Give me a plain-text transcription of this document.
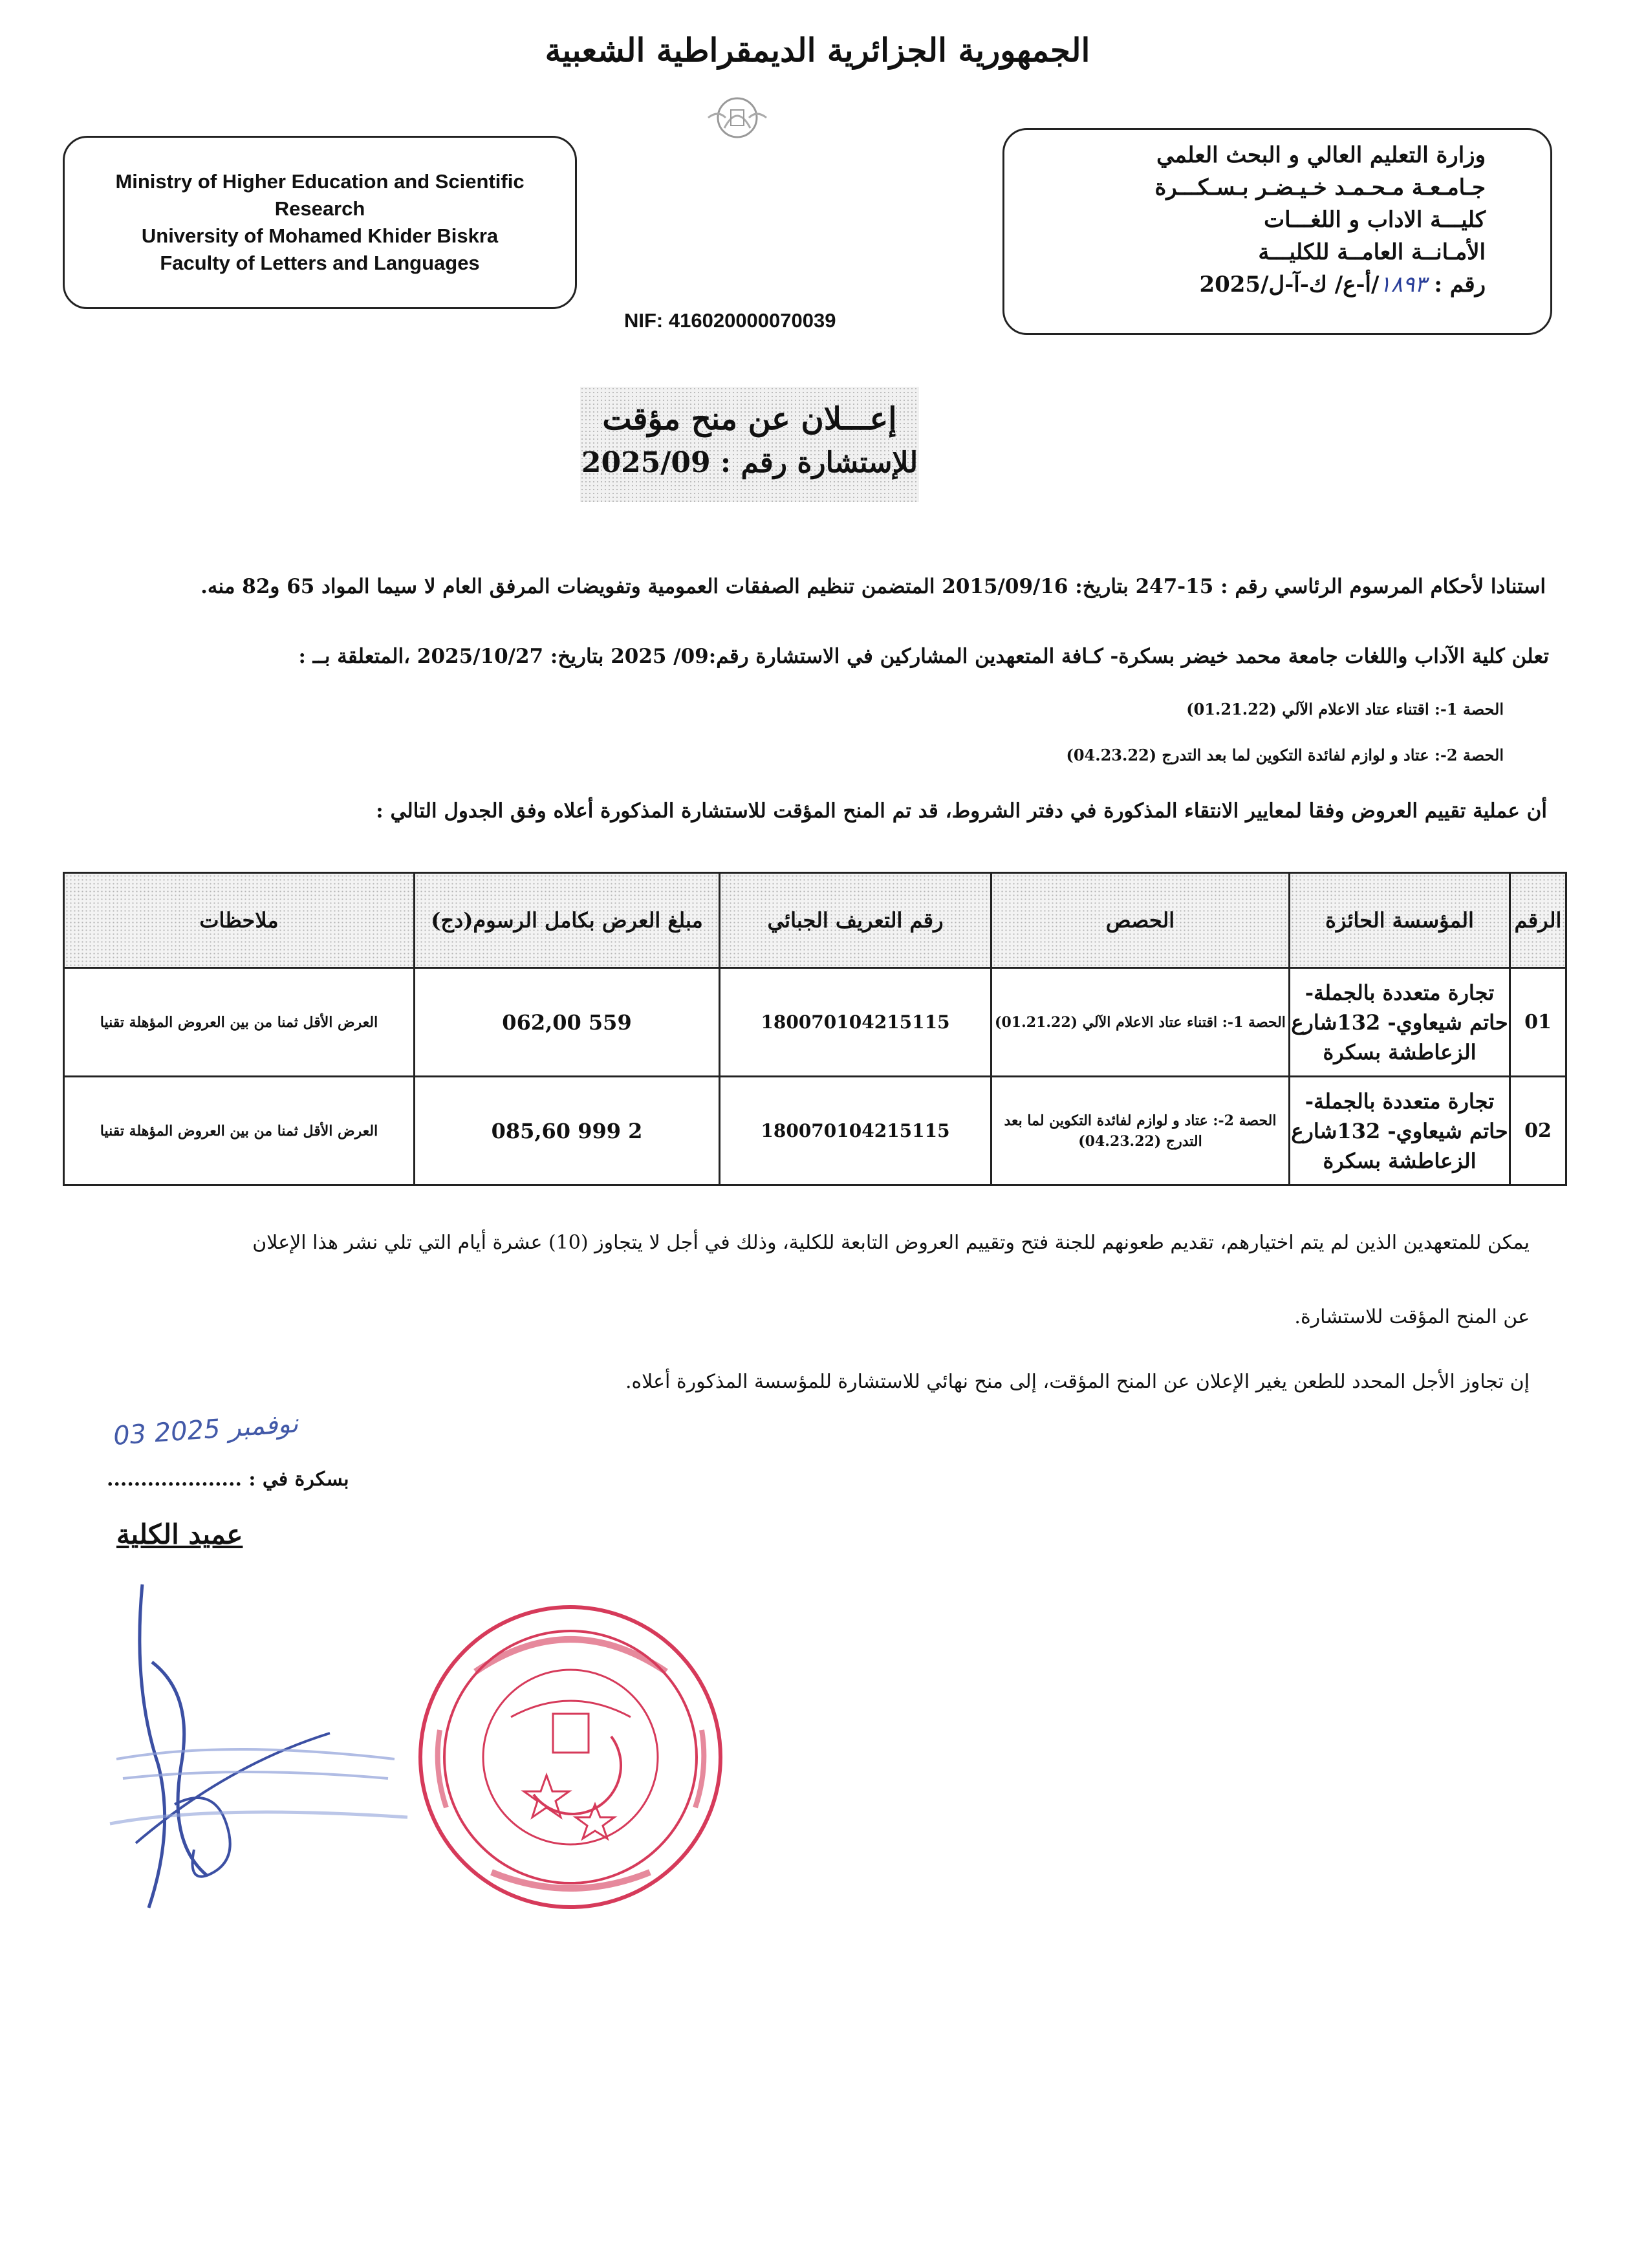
الجمهورية الجزائرية الديمقراطية الشعبية
Ministry of Higher Education and Scientific
Research
University of Mohamed Khider Biskra
Faculty of Letters and Languages
وزارة التعليم العالي و البحث العلمي
جـامـعـة مـحـمـد خـيـضـر بـسـكـــرة
كليـــة الاداب و اللغـــات
الأمـانــة العامــة للكليـــة
رقم : ١٨٩٣/أ-ع/ ك-آ-ل/2025
NIF: 416020000070039
إعـــلان عن منح مؤقت
للإستشارة رقم : 2025/09
استنادا لأحكام المرسوم الرئاسي رقم : 15-247 بتاريخ: 2015/09/16 المتضمن تنظيم الصفقات العمومية وتفويضات المرفق العام لا سيما المواد 65 و82 منه.
تعلن كلية الآداب واللغات جامعة محمد خيضر بسكرة- كـافة المتعهدين المشاركين في الاستشارة رقم:09/ 2025 بتاريخ: 2025/10/27 ،المتعلقة بــ :
الحصة 1-: اقتناء عتاد الاعلام الآلي (01.21.22)
الحصة 2-: عتاد و لوازم لفائدة التكوين لما بعد التدرج (04.23.22)
أن عملية تقييم العروض وفقا لمعايير الانتقاء المذكورة في دفتر الشروط، قد تم المنح المؤقت للاستشارة المذكورة أعلاه وفق الجدول التالي :
الرقم	المؤسسة الحائزة	الحصص	رقم التعريف الجبائي	مبلغ العرض بكامل الرسوم(دج)	ملاحظات
01	تجارة متعددة بالجملة- حاتم شيعاوي- 132شارع الزعاطشة بسكرة	الحصة 1-: اقتناء عتاد الاعلام الآلي (01.21.22)	180070104215115	559 062,00	العرض الأقل ثمنا من بين العروض المؤهلة تقنيا
02	تجارة متعددة بالجملة- حاتم شيعاوي- 132شارع الزعاطشة بسكرة	الحصة 2-: عتاد و لوازم لفائدة التكوين لما بعد التدرج (04.23.22)	180070104215115	2 999 085,60	العرض الأقل ثمنا من بين العروض المؤهلة تقنيا
يمكن للمتعهدين الذين لم يتم اختيارهم، تقديم طعونهم للجنة فتح وتقييم العروض التابعة للكلية، وذلك في أجل لا يتجاوز (10) عشرة أيام التي تلي نشر هذا الإعلان
عن المنح المؤقت للاستشارة.
إن تجاوز الأجل المحدد للطعن يغير الإعلان عن المنح المؤقت، إلى منح نهائي للاستشارة للمؤسسة المذكورة أعلاه.
03 نوفمبر 2025
بسكرة في : ....................
عميد الكلية
